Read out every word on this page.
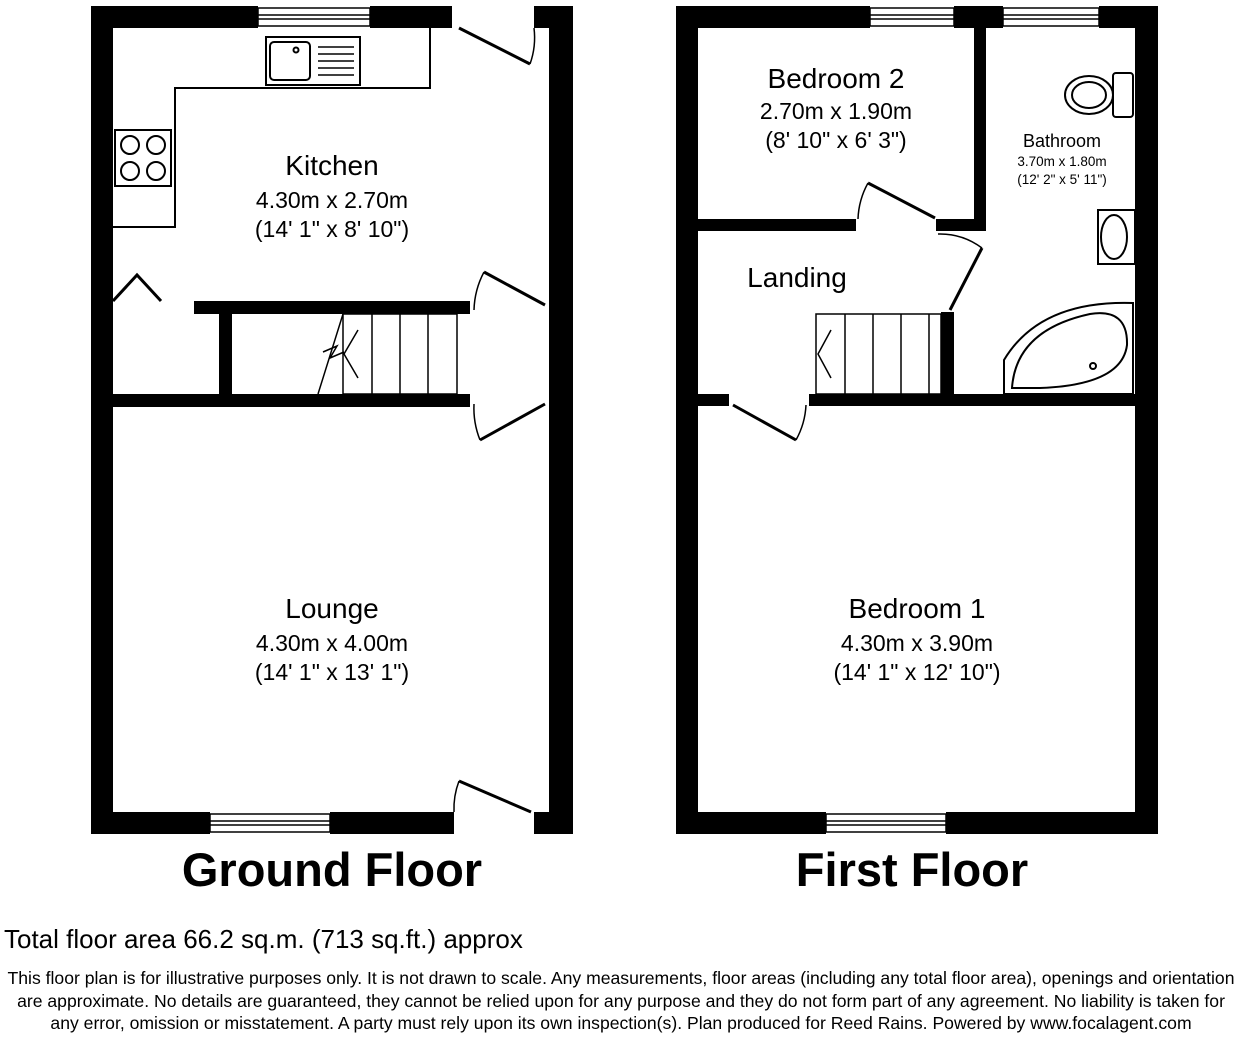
Kitchen
4.30m x 2.70m
(14' 1" x 8' 10")
Lounge
4.30m x 4.00m
(14' 1" x 13' 1")
Bedroom 2
2.70m x 1.90m
(8' 10" x 6' 3")	Bathroom
3.70m x 1.80m
(12' 2" x 5' 11")
Landing
Bedroom 1
4.30m x 3.90m
(14' 1" x 12' 10")
Ground Floor	First Floor
Total floor area 66.2 sq.m. (713 sq.ft.) approx
This floor plan is for illustrative purposes only. It is not drawn to scale. Any measurements, floor areas (including any total floor area), openings and orientation are approximate. No details are guaranteed, they cannot be relied upon for any purpose and they do not form part of any agreement. No liability is taken for any error, omission or misstatement. A party must rely upon its own inspection(s). Plan produced for Reed Rains. Powered by www.focalagent.com
